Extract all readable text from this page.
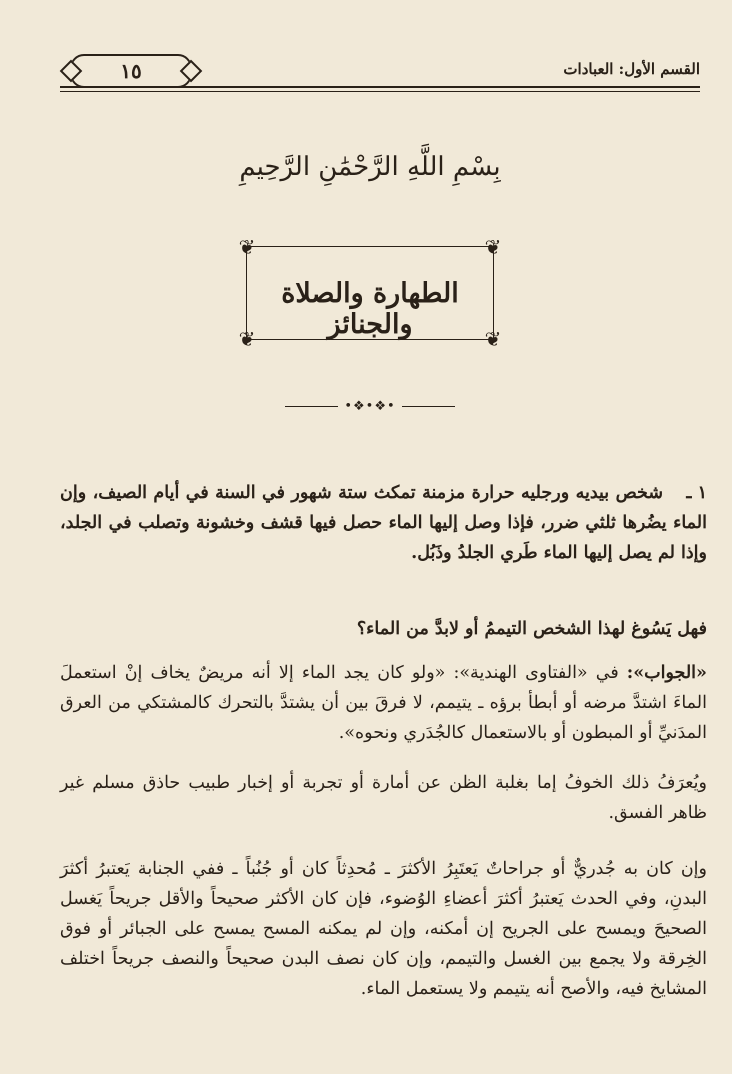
١٥	القسم الأول: العبادات
بِسْمِ اللَّهِ الرَّحْمَٰنِ الرَّحِيمِ
❦	❦
❦	❦
الطهارة والصلاة والجنائز
•❖•❖•
١ ـشخص بيديه ورجليه حرارة مزمنة تمكث ستة شهور في السنة في أيام الصيف، وإن الماء يضُرها ثلثي ضرر، فإذا وصل إليها الماء حصل فيها قشف وخشونة وتصلب في الجلد، وإذا لم يصل إليها الماء طَري الجلدُ وذَبُل.
فهل يَسُوغ لهذا الشخص التيممُ أو لابدَّ من الماء؟
«الجواب»: في «الفتاوى الهندية»: «ولو كان يجد الماء إلا أنه مريضٌ يخاف إنْ استعملَ الماءَ اشتدَّ مرضه أو أبطأ برؤه ـ يتيمم، لا فرقَ بين أن يشتدَّ بالتحرك كالمشتكي من العرق المدَنيِّ أو المبطون أو بالاستعمال كالجُدَري ونحوه».
ويُعرَفُ ذلك الخوفُ إما بغلبة الظن عن أمارة أو تجربة أو إخبار طبيب حاذق مسلم غير ظاهر الفسق.
وإن كان به جُدريٌّ أو جراحاتٌ يَعتَبِرُ الأكثرَ ـ مُحدِثاً كان أو جُنُباً ـ ففي الجنابة يَعتبرُ أكثرَ البدنِ، وفي الحدث يَعتبرُ أكثرَ أعضاءِ الوُضوء، فإن كان الأكثر صحيحاً والأقل جريحاً يَغسل الصحيحَ ويمسح على الجريح إن أمكنه، وإن لم يمكنه المسح يمسح على الجبائر أو فوق الخِرقة ولا يجمع بين الغسل والتيمم، وإن كان نصف البدن صحيحاً والنصف جريحاً اختلف المشايخ فيه، والأصح أنه يتيمم ولا يستعمل الماء.
